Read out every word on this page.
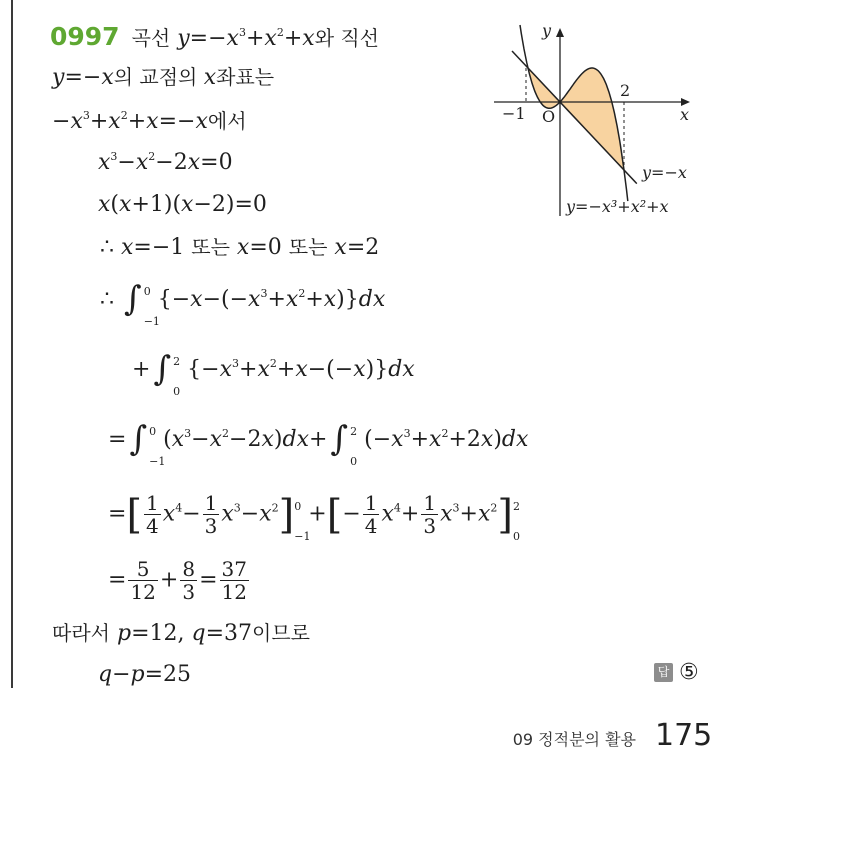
0997 곡선 $y=-x^3+x^2+x$와 직선
y=−x의 교점의 x좌표는
$-x^3+x^2+x=-x$에서
$x^3-x^2-2x=0$
x(x+1)(x−2)=0
∴ x=−1 또는 x=0 또는 x=2
∴ ∫ 0
−1
$\{-x-(-x^3+x^2+x)\}dx$
+∫ 2
0
$\{-x^3+x^2+x-(-x)\}dx$
=∫ 0
−1
$(x^3-x^2-2x)dx+\int$ 2
0
$(-x^3+x^2+2x)dx$
=[ $\frac{1}{4} x^4- \frac{1}{3} x^3-x^2$] 0
−1
+[− $\frac{1}{4} x^4+ \frac{1}{3} x^3+x^2$] 2
0
= $\frac{5}{12} + \frac{8}{3} = \frac{37}{12}$
따라서 p=12, q=37이므로
q−p=25	답 ⑤
y
x
O
−1
2
y=−x
y=−x³+x²+x
09 정적분의 활용 175
